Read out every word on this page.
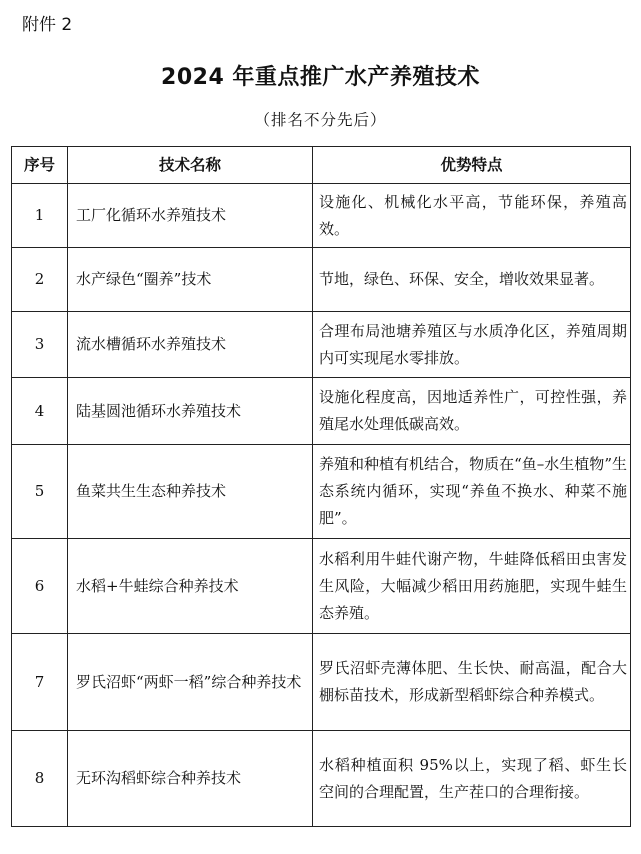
附件 2
2024 年重点推广水产养殖技术
（排名不分先后）
序号	技术名称	优势特点
1	工厂化循环水养殖技术	设施化、机械化水平高，节能环保，养殖高效。
2	水产绿色“圈养”技术	节地，绿色、环保、安全，增收效果显著。
3	流水槽循环水养殖技术	合理布局池塘养殖区与水质净化区，养殖周期内可实现尾水零排放。
4	陆基圆池循环水养殖技术	设施化程度高，因地适养性广，可控性强，养殖尾水处理低碳高效。
5	鱼菜共生生态种养技术	养殖和种植有机结合，物质在“鱼–水生植物”生态系统内循环，实现“养鱼不换水、种菜不施肥”。
6	水稻+牛蛙综合种养技术	水稻利用牛蛙代谢产物，牛蛙降低稻田虫害发生风险，大幅减少稻田用药施肥，实现牛蛙生态养殖。
7	罗氏沼虾“两虾一稻”综合种养技术	罗氏沼虾壳薄体肥、生长快、耐高温，配合大棚标苗技术，形成新型稻虾综合种养模式。
8	无环沟稻虾综合种养技术	水稻种植面积 95%以上，实现了稻、虾生长空间的合理配置，生产茬口的合理衔接。
